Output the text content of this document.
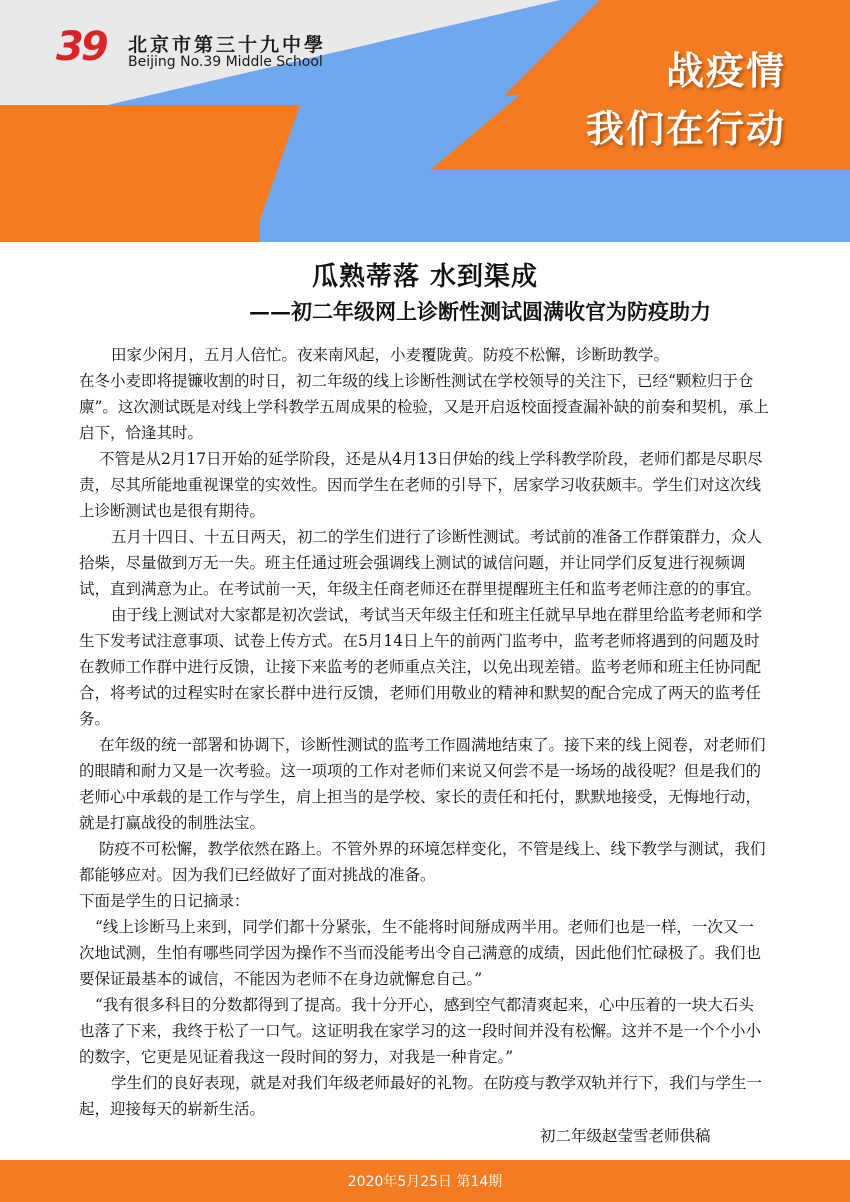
39 北京市第三十九中學
Beijing No.39 Middle School	战疫情
我们在行动
瓜熟蒂落 水到渠成
——初二年级网上诊断性测试圆满收官为防疫助力

田家少闲月，五月人倍忙。夜来南风起，小麦覆陇黄。防疫不松懈，诊断助教学。

在冬小麦即将提镰收割的时日，初二年级的线上诊断性测试在学校领导的关注下，已经“颗粒归于仓廪”。这次测试既是对线上学科教学五周成果的检验，又是开启返校面授查漏补缺的前奏和契机，承上启下，恰逢其时。

不管是从2月17日开始的延学阶段，还是从4月13日伊始的线上学科教学阶段，老师们都是尽职尽责，尽其所能地重视课堂的实效性。因而学生在老师的引导下，居家学习收获颇丰。学生们对这次线上诊断测试也是很有期待。

五月十四日、十五日两天，初二的学生们进行了诊断性测试。考试前的准备工作群策群力，众人拾柴，尽量做到万无一失。班主任通过班会强调线上测试的诚信问题，并让同学们反复进行视频调试，直到满意为止。在考试前一天，年级主任商老师还在群里提醒班主任和监考老师注意的的事宜。

由于线上测试对大家都是初次尝试，考试当天年级主任和班主任就早早地在群里给监考老师和学生下发考试注意事项、试卷上传方式。在5月14日上午的前两门监考中，监考老师将遇到的问题及时在教师工作群中进行反馈，让接下来监考的老师重点关注，以免出现差错。监考老师和班主任协同配合，将考试的过程实时在家长群中进行反馈，老师们用敬业的精神和默契的配合完成了两天的监考任务。

在年级的统一部署和协调下，诊断性测试的监考工作圆满地结束了。接下来的线上阅卷，对老师们的眼睛和耐力又是一次考验。这一项项的工作对老师们来说又何尝不是一场场的战役呢？但是我们的老师心中承载的是工作与学生，肩上担当的是学校、家长的责任和托付，默默地接受，无悔地行动，就是打赢战役的制胜法宝。

防疫不可松懈，教学依然在路上。不管外界的环境怎样变化，不管是线上、线下教学与测试，我们都能够应对。因为我们已经做好了面对挑战的准备。

下面是学生的日记摘录：

“线上诊断马上来到，同学们都十分紧张，生不能将时间掰成两半用。老师们也是一样，一次又一次地试测，生怕有哪些同学因为操作不当而没能考出令自己满意的成绩，因此他们忙碌极了。我们也要保证最基本的诚信，不能因为老师不在身边就懈怠自己。”

“我有很多科目的分数都得到了提高。我十分开心，感到空气都清爽起来，心中压着的一块大石头也落了下来，我终于松了一口气。这证明我在家学习的这一段时间并没有松懈。这并不是一个个小小的数字，它更是见证着我这一段时间的努力，对我是一种肯定。”

学生们的良好表现，就是对我们年级老师最好的礼物。在防疫与教学双轨并行下，我们与学生一起，迎接每天的崭新生活。

初二年级赵莹雪老师供稿
2020年5月25日 第14期
